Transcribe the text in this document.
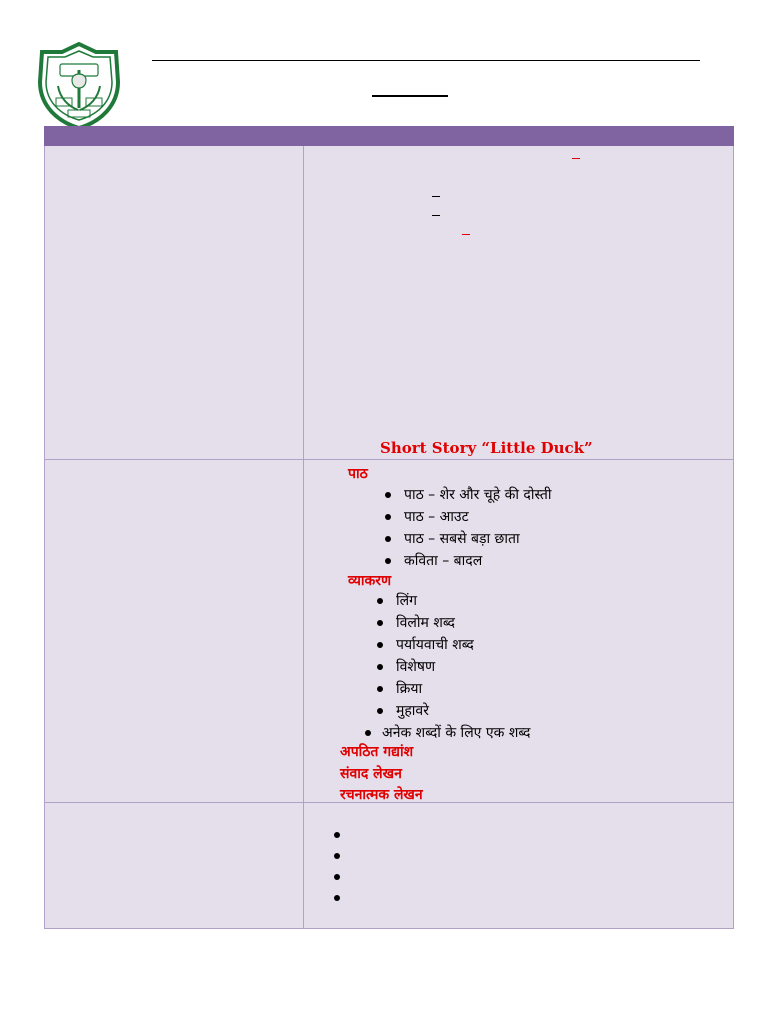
Short Story “Little Duck”
पाठ
पाठ – शेर और चूहे की दोस्ती
पाठ – आउट
पाठ – सबसे बड़ा छाता
कविता – बादल
व्याकरण
लिंग
विलोम शब्द
पर्यायवाची शब्द
विशेषण
क्रिया
मुहावरे
अनेक शब्दों के लिए एक शब्द
अपठित गद्यांश
संवाद लेखन
रचनात्मक लेखन
